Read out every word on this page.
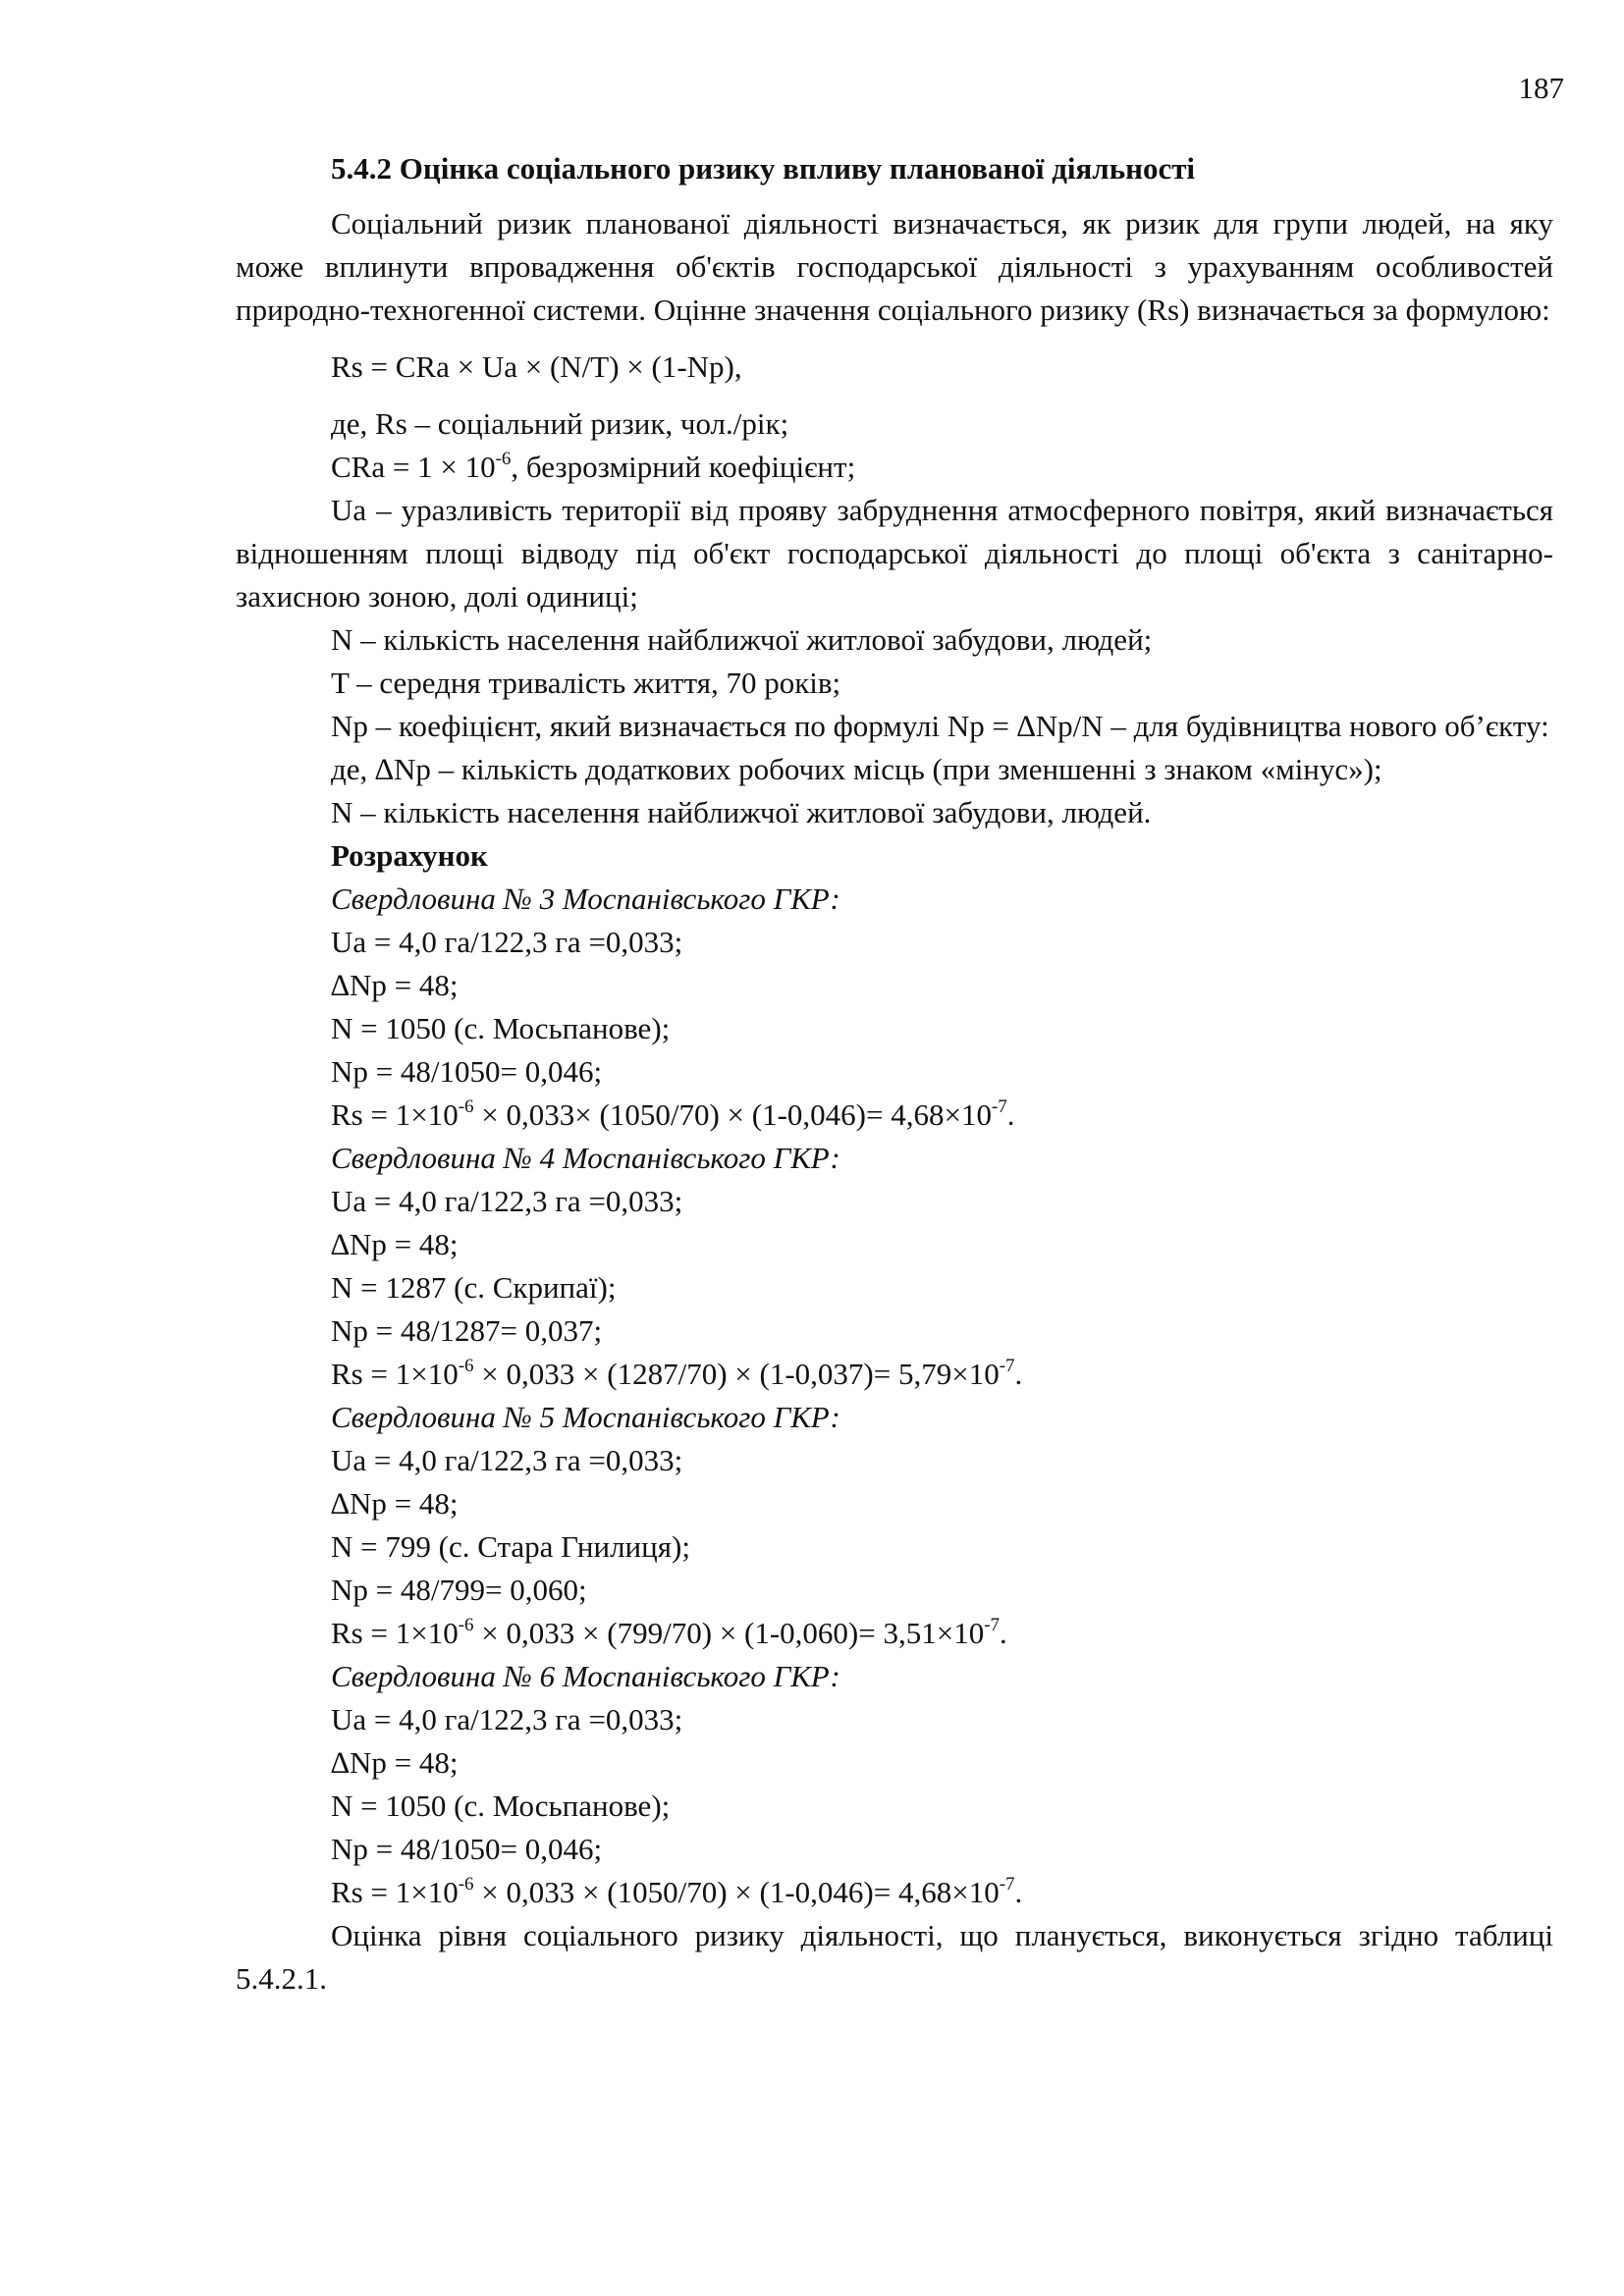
187
5.4.2 Оцінка соціального ризику впливу планованої діяльності
Соціальний ризик планованої діяльності визначається, як ризик для групи людей, на яку може вплинути впровадження об'єктів господарської діяльності з урахуванням особливостей природно-техногенної системи. Оцінне значення соціального ризику (Rs) визначається за формулою:
Rs = CRa × Ua × (N/T) × (1-Np),
де, Rs – соціальний ризик, чол./рік;
CRa = $1 \times 10^{-6}$, безрозмірний коефіцієнт;
Ua – уразливість території від прояву забруднення атмосферного повітря, який визначається відношенням площі відводу під об'єкт господарської діяльності до площі об'єкта з санітарно-захисною зоною, долі одиниці;
N – кількість населення найближчої житлової забудови, людей;
T – середня тривалість життя, 70 років;
Np – коефіцієнт, який визначається по формулі Np = ∆Np/N – для будівництва нового об’єкту:
де, ∆Np – кількість додаткових робочих місць (при зменшенні з знаком «мінус»);
N – кількість населення найближчої житлової забудови, людей.
Розрахунок
Свердловина № 3 Моспанівського ГКР:
Ua = 4,0 га/122,3 га =0,033;
∆Np = 48;
N = 1050 (с. Мосьпанове);
Np = 48/1050= 0,046;
$Rs = 1\times 10^{-6} \times 0,033\times (1050/70) \times (1-0,046)= 4,68\times 10^{-7}$.
Свердловина № 4 Моспанівського ГКР:
Ua = 4,0 га/122,3 га =0,033;
∆Np = 48;
N = 1287 (с. Скрипаї);
Np = 48/1287= 0,037;
$Rs = 1\times 10^{-6} \times 0,033 \times (1287/70) \times (1-0,037)= 5,79\times 10^{-7}$.
Свердловина № 5 Моспанівського ГКР:
Ua = 4,0 га/122,3 га =0,033;
∆Np = 48;
N = 799 (с. Стара Гнилиця);
Np = 48/799= 0,060;
$Rs = 1\times 10^{-6} \times 0,033 \times (799/70) \times (1-0,060)= 3,51\times 10^{-7}$.
Свердловина № 6 Моспанівського ГКР:
Ua = 4,0 га/122,3 га =0,033;
∆Np = 48;
N = 1050 (с. Мосьпанове);
Np = 48/1050= 0,046;
$Rs = 1\times 10^{-6} \times 0,033 \times (1050/70) \times (1-0,046)= 4,68\times 10^{-7}$.
Оцінка рівня соціального ризику діяльності, що планується, виконується згідно таблиці 5.4.2.1.
